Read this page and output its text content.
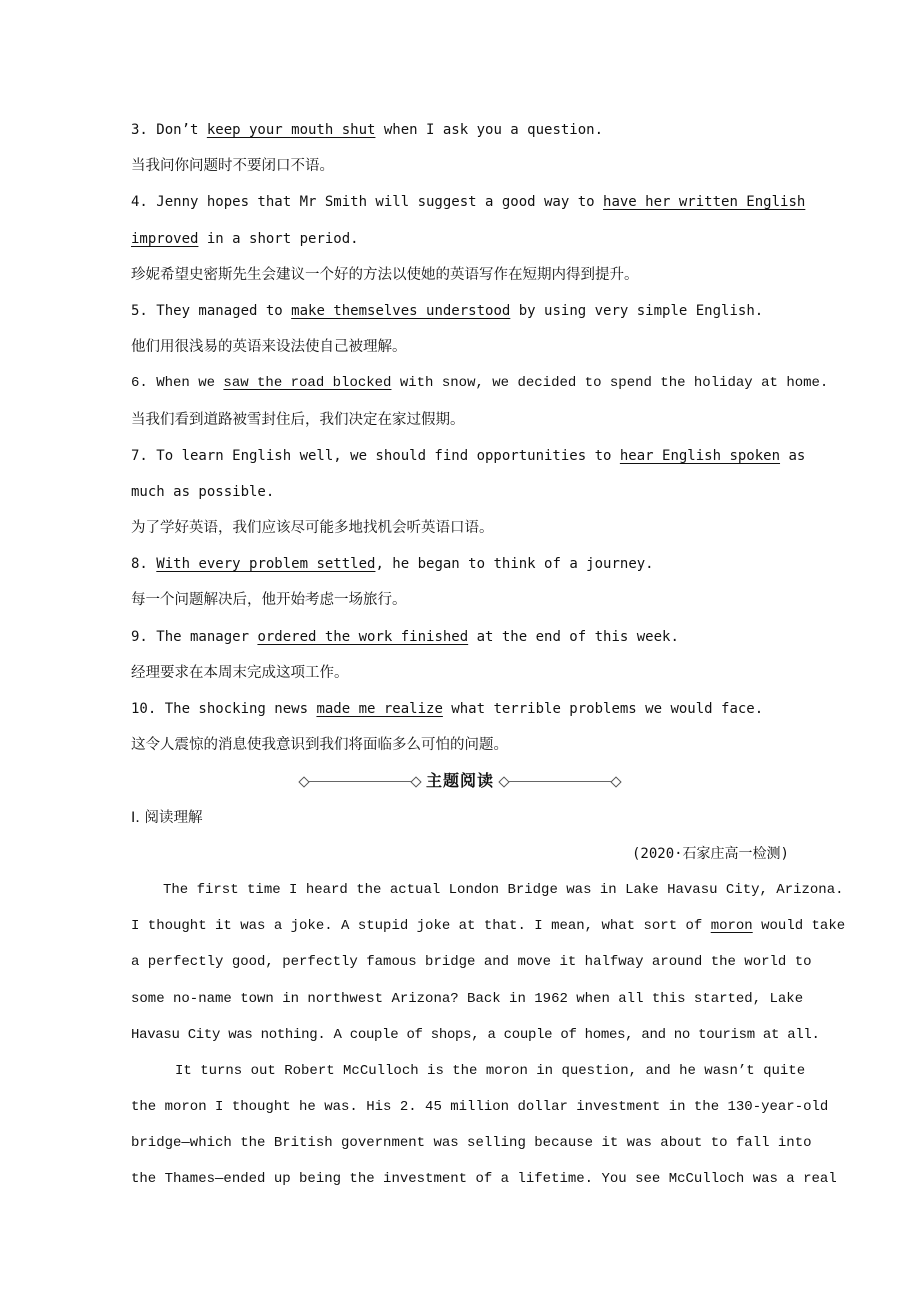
3. Don’t keep your mouth shut when I ask you a question.
当我问你问题时不要闭口不语。
4. Jenny hopes that Mr Smith will suggest a good way to have her written English
improved in a short period.
珍妮希望史密斯先生会建议一个好的方法以使她的英语写作在短期内得到提升。
5. They managed to make themselves understood by using very simple English.
他们用很浅易的英语来设法使自己被理解。
6. When we saw the road blocked with snow, we decided to spend the holiday at home.
当我们看到道路被雪封住后，我们决定在家过假期。
7. To learn English well, we should find opportunities to hear English spoken as
much as possible.
为了学好英语，我们应该尽可能多地找机会听英语口语。
8. With every problem settled, he began to think of a journey.
每一个问题解决后，他开始考虑一场旅行。
9. The manager ordered the work finished at the end of this week.
经理要求在本周末完成这项工作。
10. The shocking news made me realize what terrible problems we would face.
这令人震惊的消息使我意识到我们将面临多么可怕的问题。
主题阅读
Ⅰ. 阅读理解
(2020·石家庄高一检测)
The first time I heard the actual London Bridge was in Lake Havasu City, Arizona.
I thought it was a joke. A stupid joke at that. I mean, what sort of moron would take
a perfectly good, perfectly famous bridge and move it halfway around the world to
some no-name town in northwest Arizona? Back in 1962 when all this started, Lake
Havasu City was nothing. A couple of shops, a couple of homes, and no tourism at all.
It turns out Robert McCulloch is the moron in question, and he wasn’t quite
the moron I thought he was. His 2. 45 million dollar investment in the 130-year-old
bridge—which the British government was selling because it was about to fall into
the Thames—ended up being the investment of a lifetime. You see McCulloch was a real
